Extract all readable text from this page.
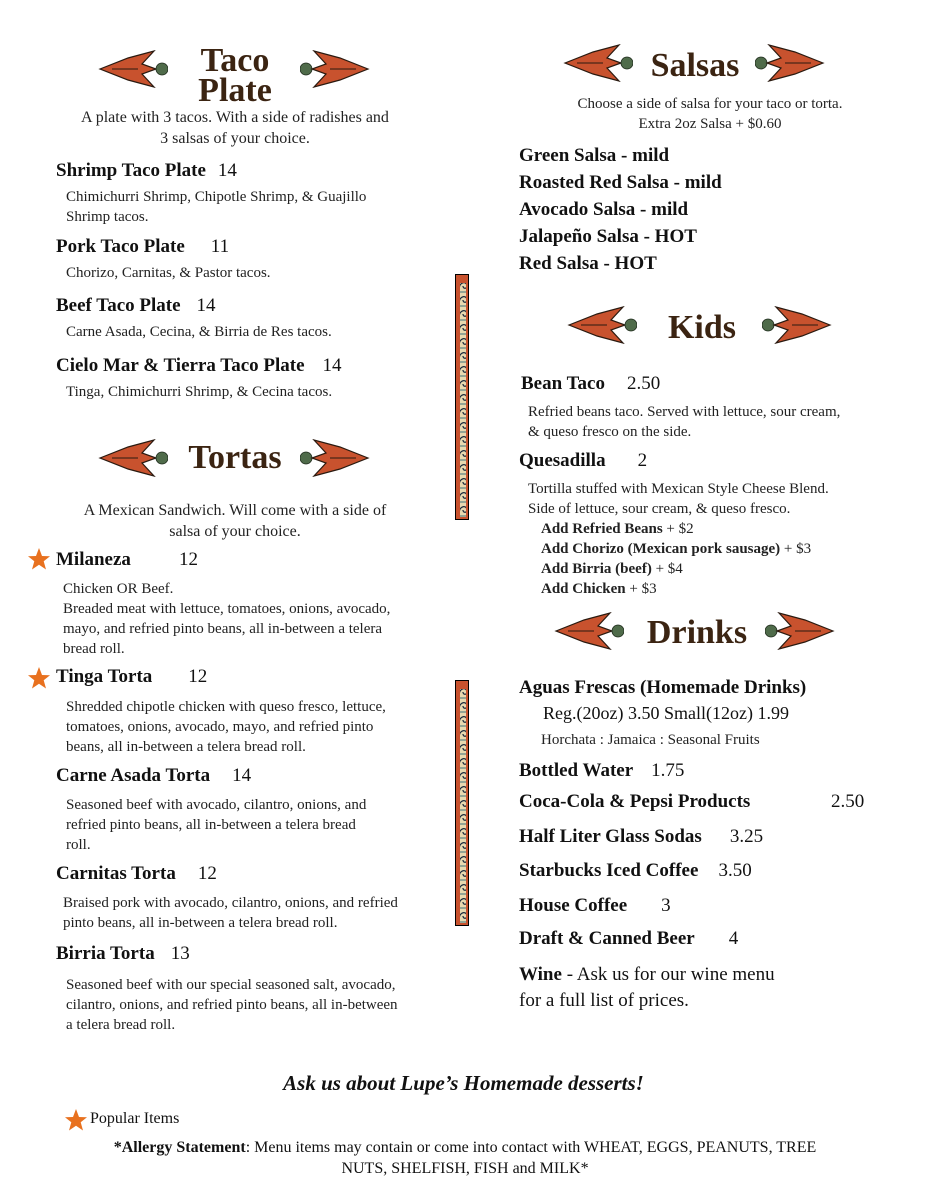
Taco
Plate
A plate with 3 tacos. With a side of radishes and
3 salsas of your choice.
Shrimp Taco Plate 14
Chimichurri Shrimp, Chipotle Shrimp, & Guajillo
Shrimp tacos.
Pork Taco Plate 11
Chorizo, Carnitas, & Pastor tacos.
Beef Taco Plate 14
Carne Asada, Cecina, & Birria de Res tacos.
Cielo Mar & Tierra Taco Plate 14
Tinga, Chimichurri Shrimp, & Cecina tacos.
Tortas
A Mexican Sandwich. Will come with a side of
salsa of your choice.
Milaneza	12
Chicken OR Beef.
Breaded meat with lettuce, tomatoes, onions, avocado,
mayo, and refried pinto beans, all in-between a telera
bread roll.
Tinga Torta 12
Shredded chipotle chicken with queso fresco, lettuce,
tomatoes, onions, avocado, mayo, and refried pinto
beans, all in-between a telera bread roll.
Carne Asada Torta 14
Seasoned beef with avocado, cilantro, onions, and
refried pinto beans, all in-between a telera bread
roll.
Carnitas Torta 12
Braised pork with avocado, cilantro, onions, and refried
pinto beans, all in-between a telera bread roll.
Birria Torta 13
Seasoned beef with our special seasoned salt, avocado,
cilantro, onions, and refried pinto beans, all in-between
a telera bread roll.
Salsas
Choose a side of salsa for your taco or torta.
Extra 2oz Salsa + $0.60
Green Salsa - mild
Roasted Red Salsa - mild
Avocado Salsa - mild
Jalapeño Salsa - HOT
Red Salsa - HOT
Kids
Bean Taco 2.50
Refried beans taco. Served with lettuce, sour cream,
& queso fresco on the side.
Quesadilla 2
Tortilla stuffed with Mexican Style Cheese Blend.
Side of lettuce, sour cream, & queso fresco.
Add Refried Beans + $2
Add Chorizo (Mexican pork sausage) + $3
Add Birria (beef) + $4
Add Chicken + $3
Drinks
Aguas Frescas (Homemade Drinks)
Reg.(20oz) 3.50 Small(12oz) 1.99
Horchata : Jamaica : Seasonal Fruits
Bottled Water 1.75
Coca-Cola & Pepsi Products	2.50
Half Liter Glass Sodas 3.25
Starbucks Iced Coffee 3.50
House Coffee 3
Draft & Canned Beer 4
Wine - Ask us for our wine menu
for a full list of prices.
Ask us about Lupe’s Homemade desserts!
Popular Items
*Allergy Statement: Menu items may contain or come into contact with WHEAT, EGGS, PEANUTS, TREE
NUTS, SHELFISH, FISH and MILK*
